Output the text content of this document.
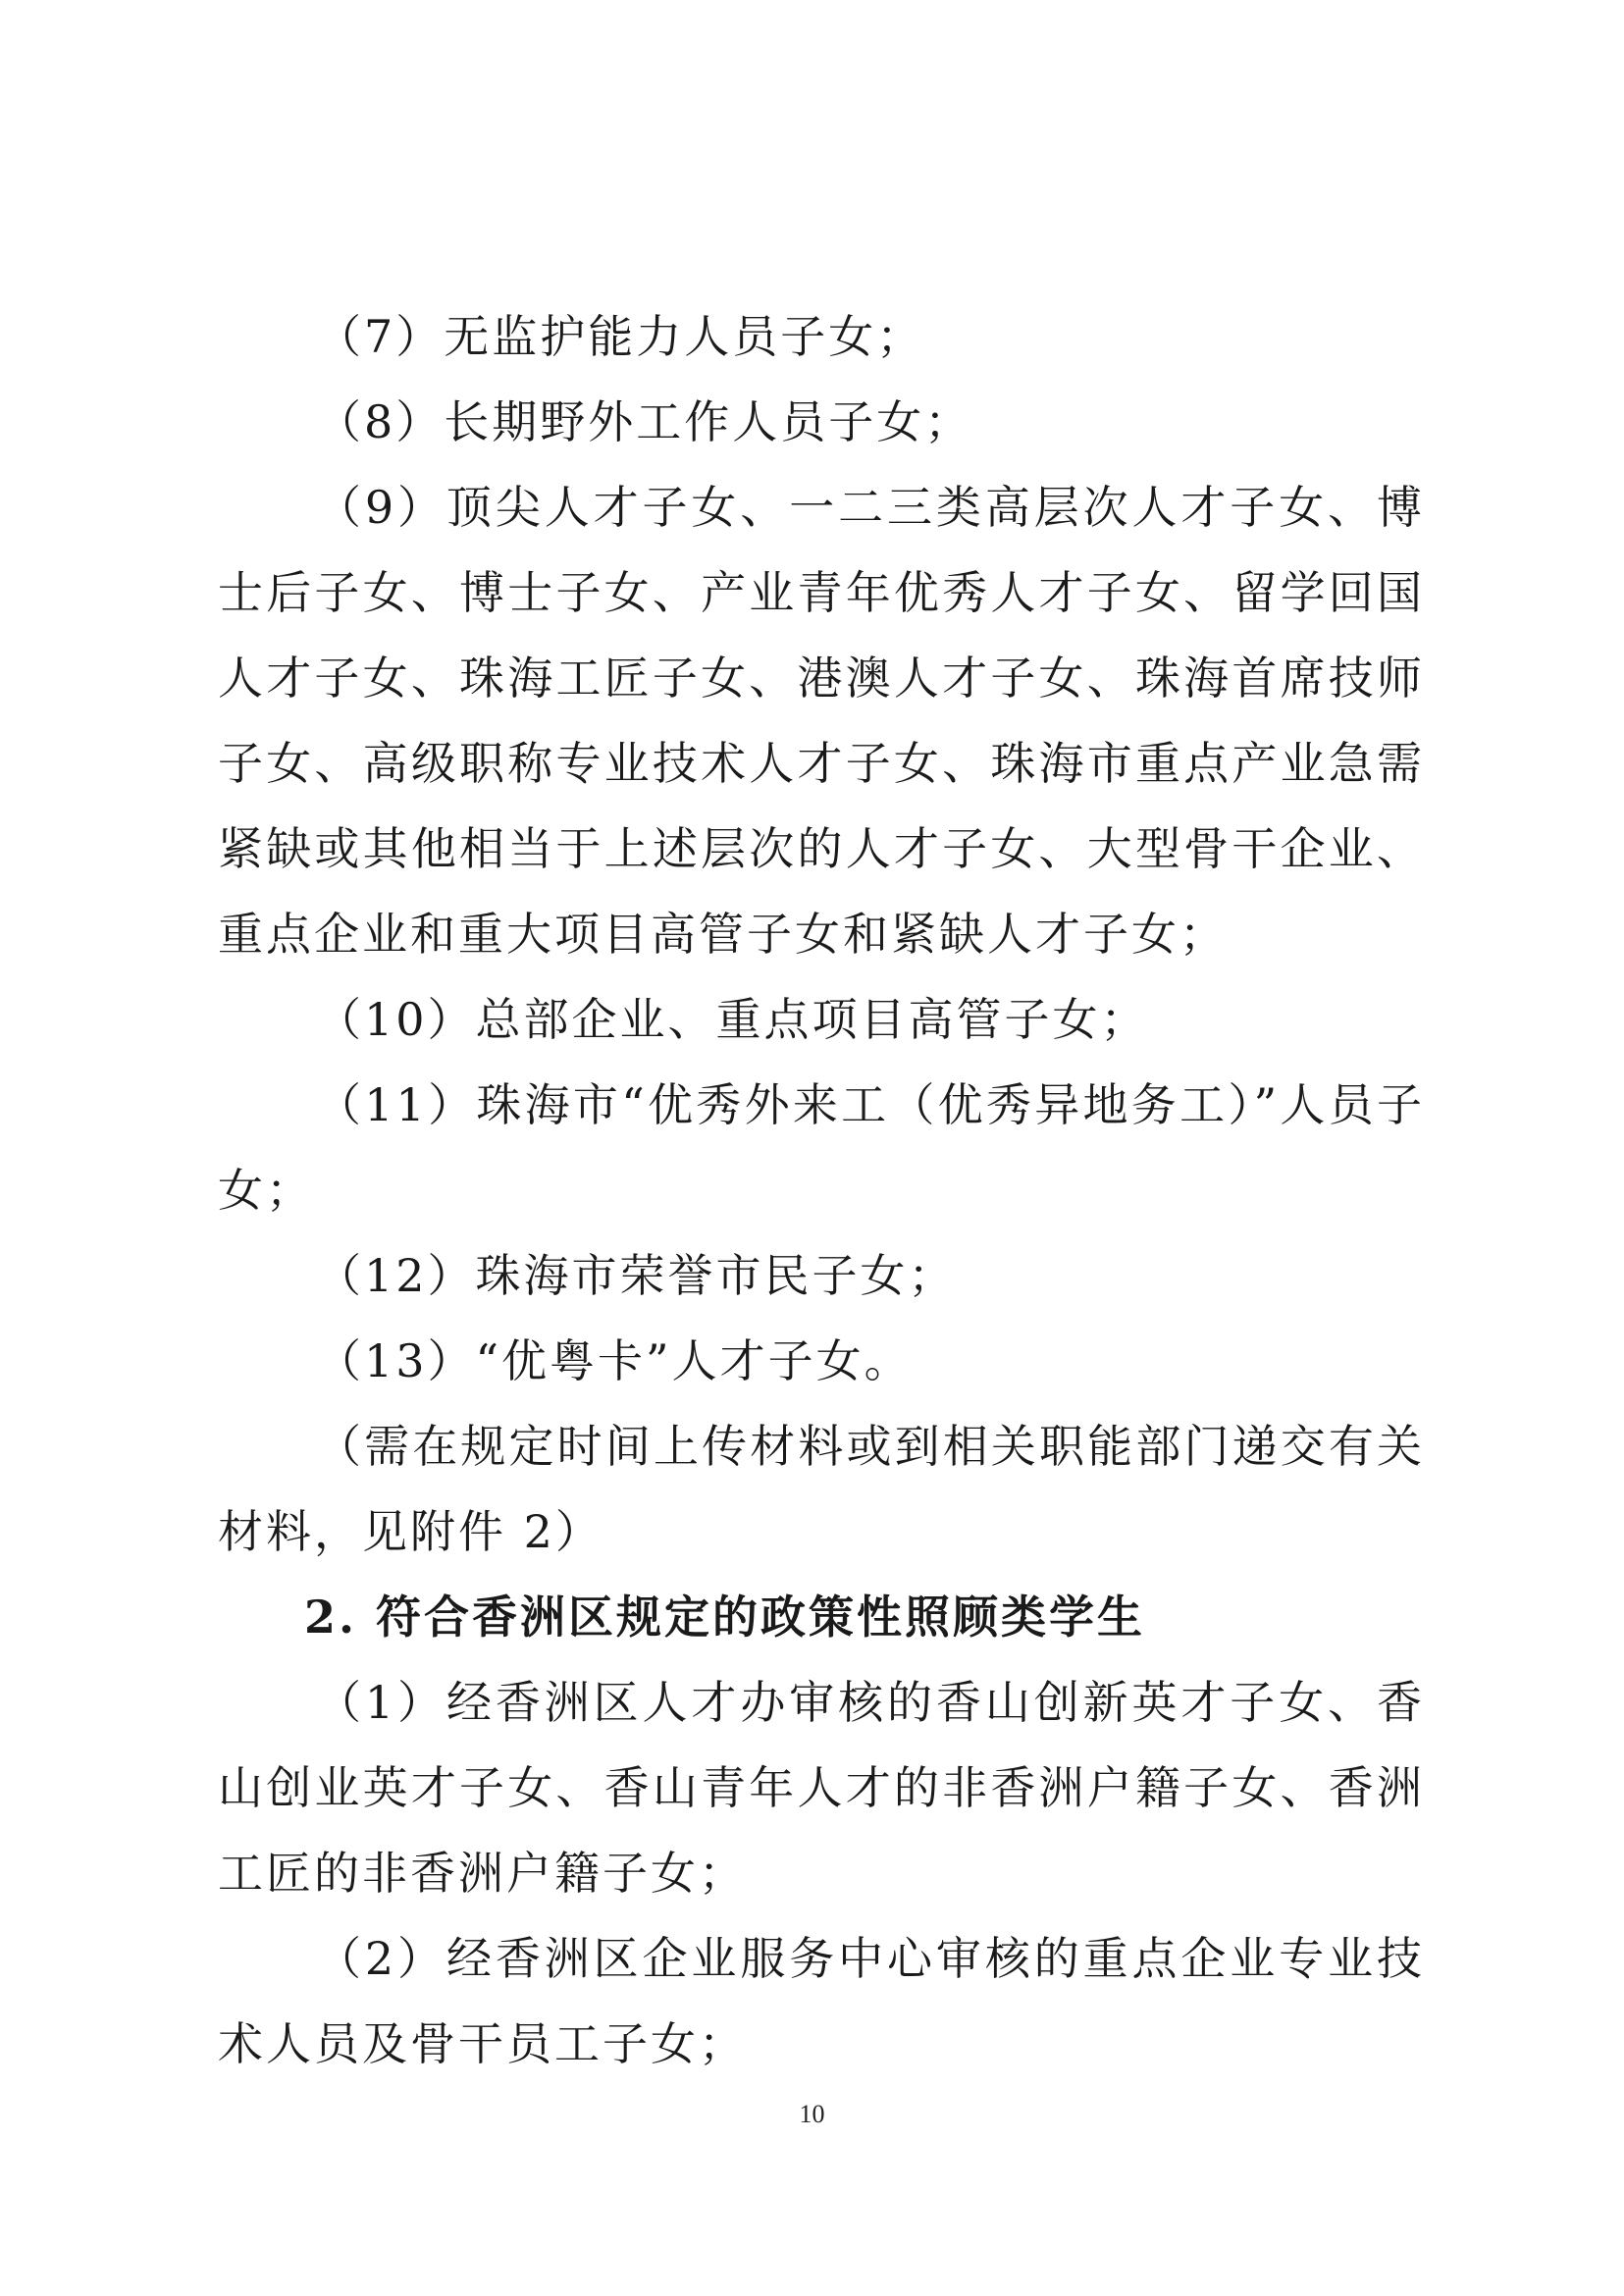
（7）无监护能力人员子女；

（8）长期野外工作人员子女；

（9）顶尖人才子女、一二三类高层次人才子女、博士后子女、博士子女、产业青年优秀人才子女、留学回国人才子女、珠海工匠子女、港澳人才子女、珠海首席技师子女、高级职称专业技术人才子女、珠海市重点产业急需紧缺或其他相当于上述层次的人才子女、大型骨干企业、重点企业和重大项目高管子女和紧缺人才子女；

（10）总部企业、重点项目高管子女；

（11）珠海市“优秀外来工（优秀异地务工）”人员子女；

（12）珠海市荣誉市民子女；

（13）“优粤卡”人才子女。

（需在规定时间上传材料或到相关职能部门递交有关材料，见附件 2）

2. 符合香洲区规定的政策性照顾类学生

（1）经香洲区人才办审核的香山创新英才子女、香山创业英才子女、香山青年人才的非香洲户籍子女、香洲工匠的非香洲户籍子女；

（2）经香洲区企业服务中心审核的重点企业专业技术人员及骨干员工子女；

10
